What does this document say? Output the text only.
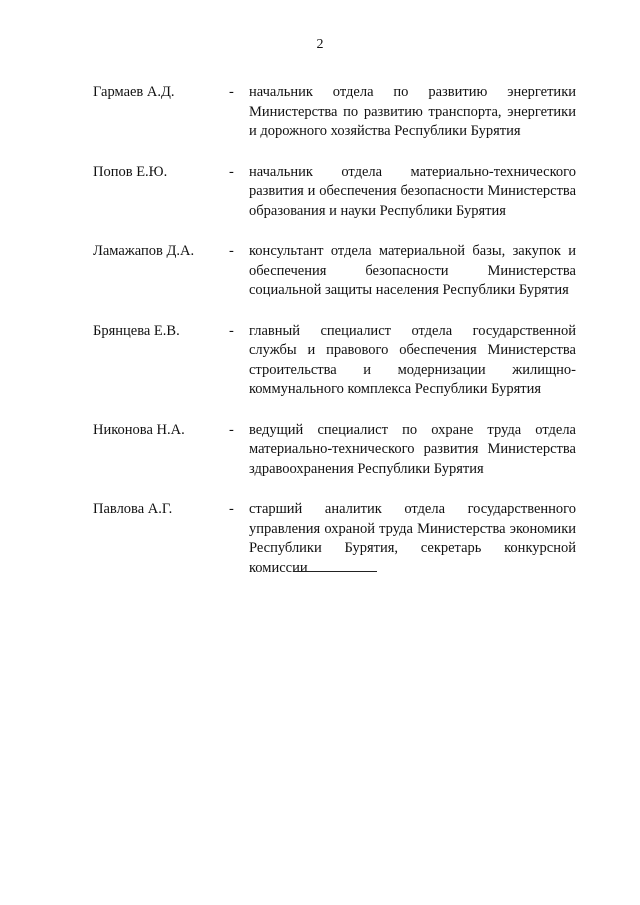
2
Гармаев А.Д.	-	начальник отдела по развитию энергетики Министерства по развитию транспорта, энергетики и дорожного хозяйства Республики Бурятия
Попов Е.Ю.	-	начальник отдела материально-технического развития и обеспечения безопасности Министерства образования и науки Республики Бурятия
Ламажапов Д.А.	-	консультант отдела материальной базы, закупок и обеспечения безопасности Министерства социальной защиты населения Республики Бурятия
Брянцева Е.В.	-	главный специалист отдела государственной службы и правового обеспечения Министерства строительства и модернизации жилищно-коммунального комплекса Республики Бурятия
Никонова Н.А.	-	ведущий специалист по охране труда отдела материально-технического развития Министерства здравоохранения Республики Бурятия
Павлова А.Г.	-	старший аналитик отдела государственного управления охраной труда Министерства экономики Республики Бурятия, секретарь конкурсной комиссии
